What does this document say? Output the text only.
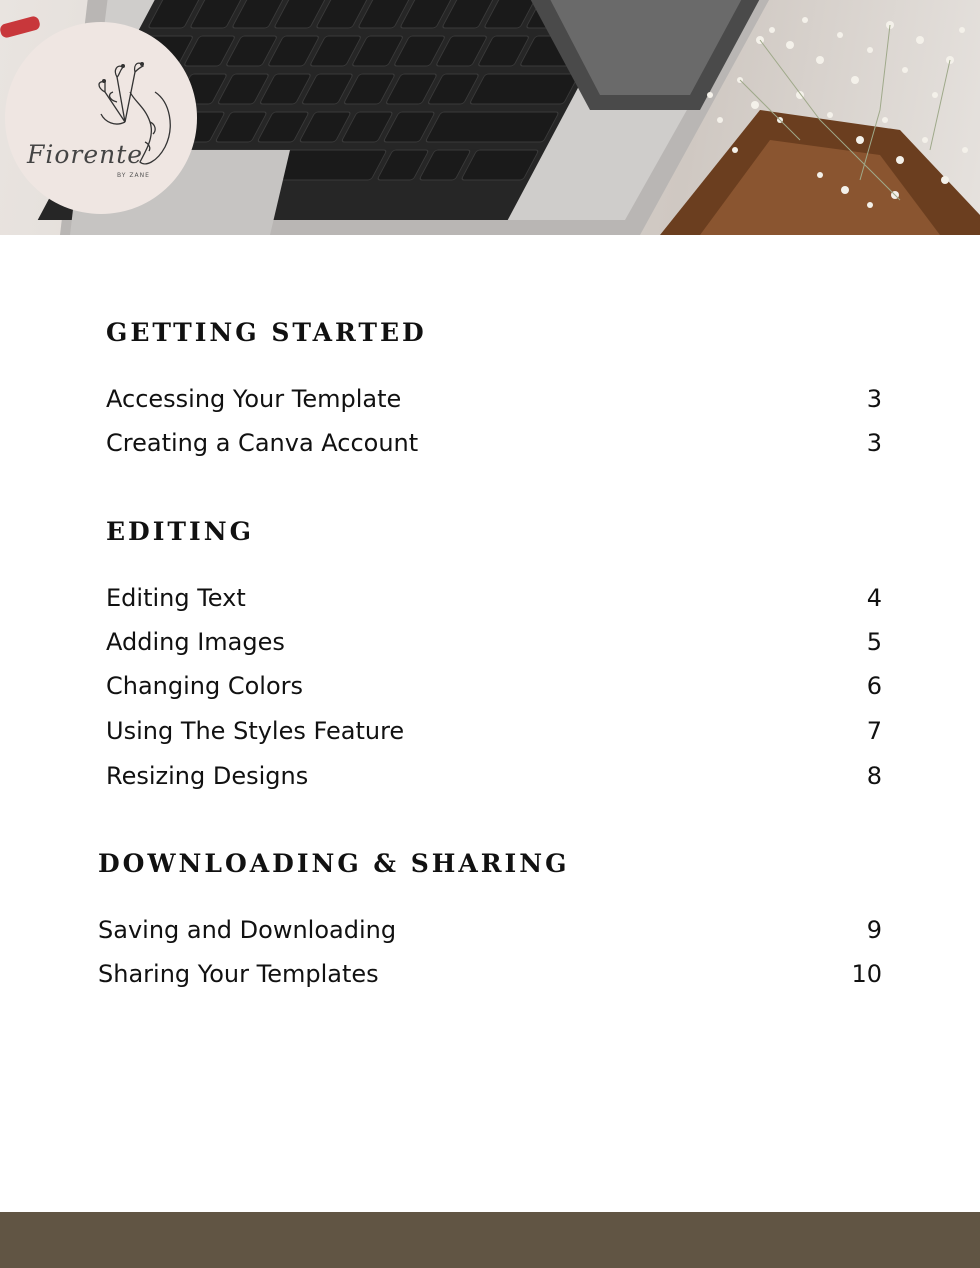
Fiorente
BY ZANE
GETTING STARTED
Accessing Your Template	3
Creating a Canva Account	3
EDITING
Editing Text	4
Adding Images	5
Changing Colors	6
Using The Styles Feature	7
Resizing Designs	8
DOWNLOADING & SHARING
Saving and Downloading	9
Sharing Your Templates	10
